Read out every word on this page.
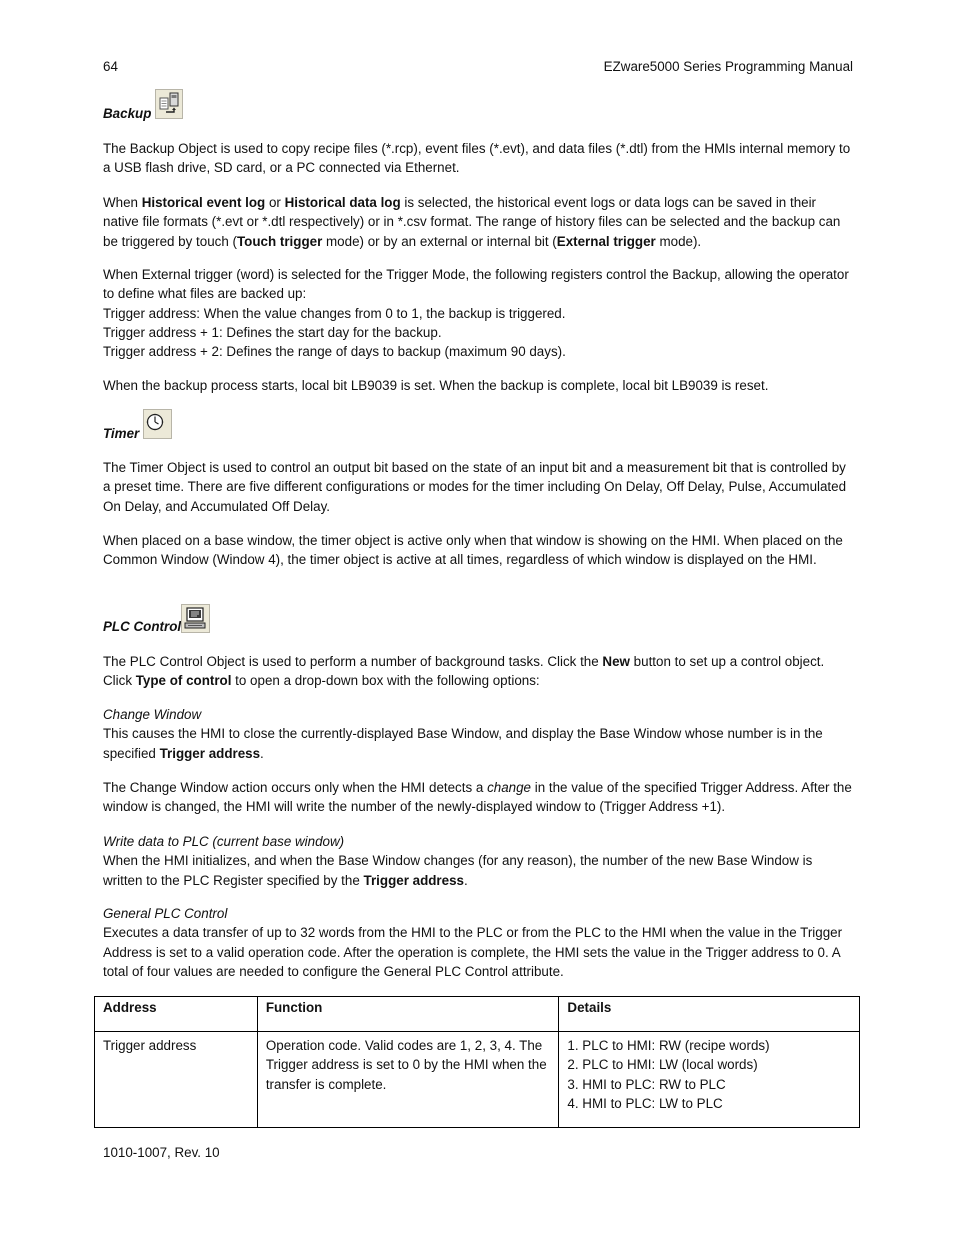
64	EZware5000 Series Programming Manual
Backup
The Backup Object is used to copy recipe files (*.rcp), event files (*.evt), and data files (*.dtl) from the HMIs internal memory to a USB flash drive, SD card, or a PC connected via Ethernet.
When Historical event log or Historical data log is selected, the historical event logs or data logs can be saved in their native file formats (*.evt or *.dtl respectively) or in *.csv format. The range of history files can be selected and the backup can be triggered by touch (Touch trigger mode) or by an external or internal bit (External trigger mode).

When External trigger (word) is selected for the Trigger Mode, the following registers control the Backup, allowing the operator to define what files are backed up:

Trigger address: When the value changes from 0 to 1, the backup is triggered.

Trigger address + 1: Defines the start day for the backup.

Trigger address + 2: Defines the range of days to backup (maximum 90 days).

When the backup process starts, local bit LB9039 is set. When the backup is complete, local bit LB9039 is reset.
Timer
The Timer Object is used to control an output bit based on the state of an input bit and a measurement bit that is controlled by a preset time. There are five different configurations or modes for the timer including On Delay, Off Delay, Pulse, Accumulated On Delay, and Accumulated Off Delay.
When placed on a base window, the timer object is active only when that window is showing on the HMI. When placed on the Common Window (Window 4), the timer object is active at all times, regardless of which window is displayed on the HMI.
PLC Control
The PLC Control Object is used to perform a number of background tasks. Click the New button to set up a control object. Click Type of control to open a drop-down box with the following options:

Change Window

This causes the HMI to close the currently-displayed Base Window, and display the Base Window whose number is in the specified Trigger address.

The Change Window action occurs only when the HMI detects a change in the value of the specified Trigger Address. After the window is changed, the HMI will write the number of the newly-displayed window to (Trigger Address +1).

Write data to PLC (current base window)

When the HMI initializes, and when the Base Window changes (for any reason), the number of the new Base Window is written to the PLC Register specified by the Trigger address.

General PLC Control

Executes a data transfer of up to 32 words from the HMI to the PLC or from the PLC to the HMI when the value in the Trigger Address is set to a valid operation code. After the operation is complete, the HMI sets the value in the Trigger address to 0. A total of four values are needed to configure the General PLC Control attribute.

Address	Function	Details
Trigger address	Operation code. Valid codes are 1, 2, 3, 4. The Trigger address is set to 0 by the HMI when the transfer is complete.	1. PLC to HMI: RW (recipe words)
2. PLC to HMI: LW (local words)
3. HMI to PLC: RW to PLC
4. HMI to PLC: LW to PLC
1010-1007, Rev. 10
